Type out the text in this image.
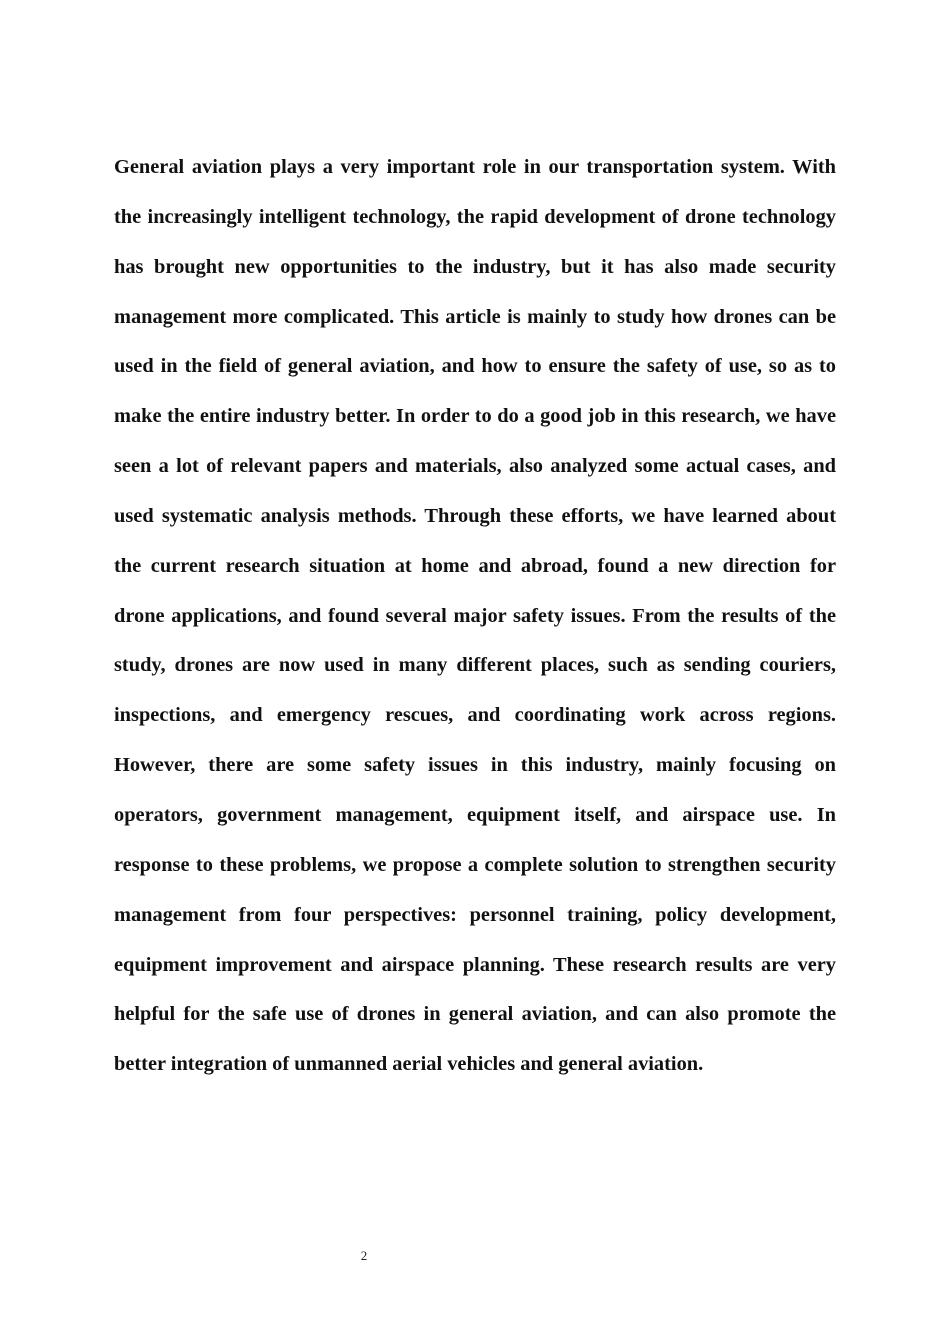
General aviation plays a very important role in our transportation system. With the increasingly intelligent technology, the rapid development of drone technology has brought new opportunities to the industry, but it has also made security management more complicated. This article is mainly to study how drones can be used in the field of general aviation, and how to ensure the safety of use, so as to make the entire industry better. In order to do a good job in this research, we have seen a lot of relevant papers and materials, also analyzed some actual cases, and used systematic analysis methods. Through these efforts, we have learned about the current research situation at home and abroad, found a new direction for drone applications, and found several major safety issues. From the results of the study, drones are now used in many different places, such as sending couriers, inspections, and emergency rescues, and coordinating work across regions. However, there are some safety issues in this industry, mainly focusing on operators, government management, equipment itself, and airspace use. In response to these problems, we propose a complete solution to strengthen security management from four perspectives: personnel training, policy development, equipment improvement and airspace planning. These research results are very helpful for the safe use of drones in general aviation, and can also promote the better integration of unmanned aerial vehicles and general aviation.

2
